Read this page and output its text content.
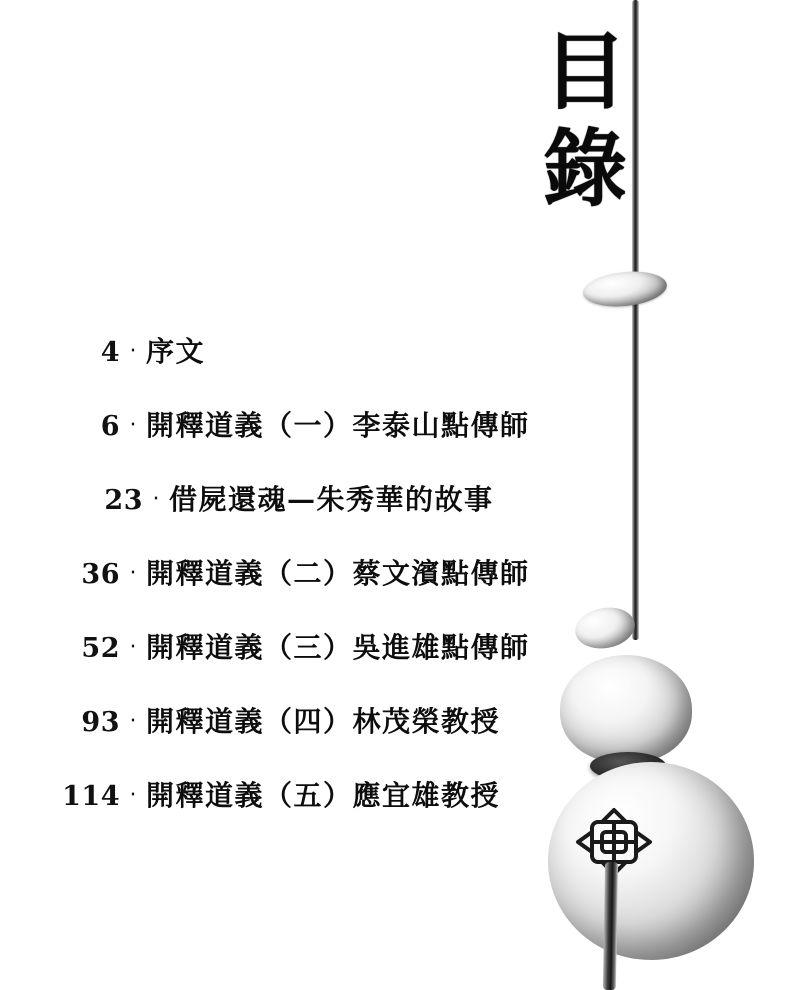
目
錄
4 ‧ 序文
6 ‧ 開釋道義（一）李泰山點傳師
23 ‧ 借屍還魂—朱秀華的故事
36 ‧ 開釋道義（二）蔡文濱點傳師
52 ‧ 開釋道義（三）吳進雄點傳師
93 ‧ 開釋道義（四）林茂榮教授
114 ‧ 開釋道義（五）應宜雄教授
